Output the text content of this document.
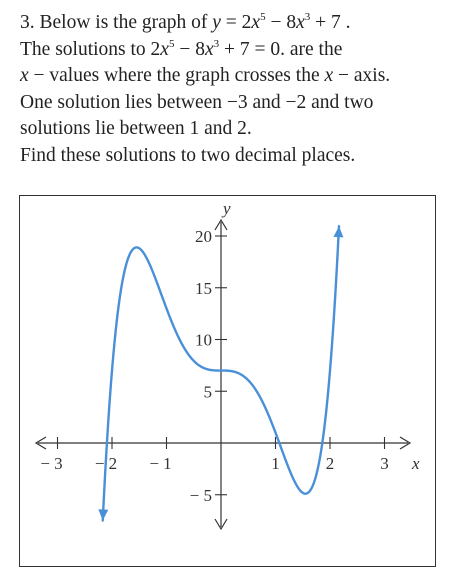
3. Below is the graph of $y = 2x^5 - 8x^3 + 7$ .
The solutions to $2x^5 - 8x^3 + 7 = 0$. are the
x − values where the graph crosses the x − axis.
One solution lies between −3 and −2 and two
solutions lie between 1 and 2.
Find these solutions to two decimal places.
− 3 − 2 − 1	1	2	3
− 5
5
10
15
20
x
y
